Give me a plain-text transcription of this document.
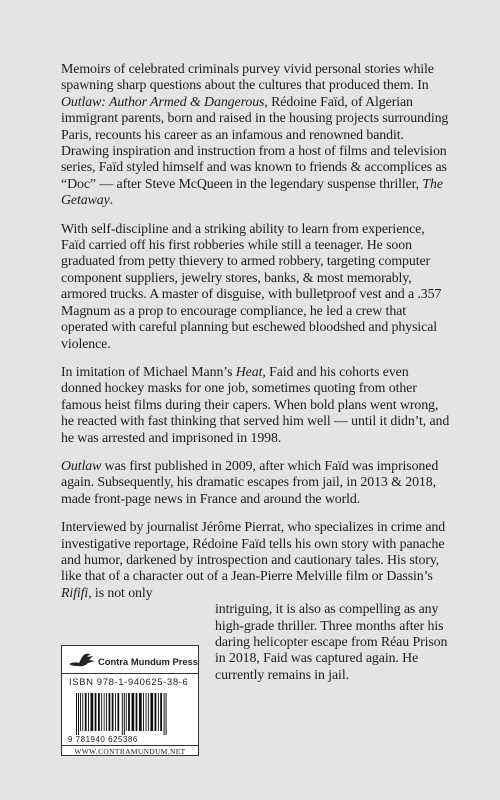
Memoirs of celebrated criminals purvey vivid personal stories while spawning sharp questions about the cultures that produced them. In Outlaw: Author Armed & Dangerous, Rédoine Faïd, of Algerian immigrant parents, born and raised in the housing projects surrounding Paris, recounts his career as an infamous and renowned bandit. Drawing inspiration and instruction from a host of films and television series, Faïd styled himself and was known to friends & accomplices as “Doc” — after Steve McQueen in the legendary suspense thriller, The Getaway.

With self-discipline and a striking ability to learn from experience, Faïd carried off his first robberies while still a teenager. He soon graduated from petty thievery to armed robbery, targeting computer component suppliers, jewelry stores, banks, & most memorably, armored trucks. A master of disguise, with bulletproof vest and a .357 Magnum as a prop to encourage compliance, he led a crew that operated with careful planning but eschewed bloodshed and physical violence.

In imitation of Michael Mann’s Heat, Faid and his cohorts even donned hockey masks for one job, sometimes quoting from other famous heist films during their capers. When bold plans went wrong, he reacted with fast thinking that served him well — until it didn’t, and he was arrested and imprisoned in 1998.

Outlaw was first published in 2009, after which Faïd was imprisoned again. Subsequently, his dramatic escapes from jail, in 2013 & 2018, made front-page news in France and around the world.

Interviewed by journalist Jérôme Pierrat, who specializes in crime and investigative reportage, Rédoine Faïd tells his own story with panache and humor, darkened by introspection and cautionary tales. His story, like that of a character out of a Jean-Pierre Melville film or Dassin’s Rififi, is not only
intriguing, it is also as compelling as any high-grade thriller. Three months after his daring helicopter escape from Réau Prison in 2018, Faid was captured again. He currently remains in jail.

Contra Mundum Press
ISBN 978-1-940625-38-6
9 781940 625386
WWW.CONTRAMUNDUM.NET
